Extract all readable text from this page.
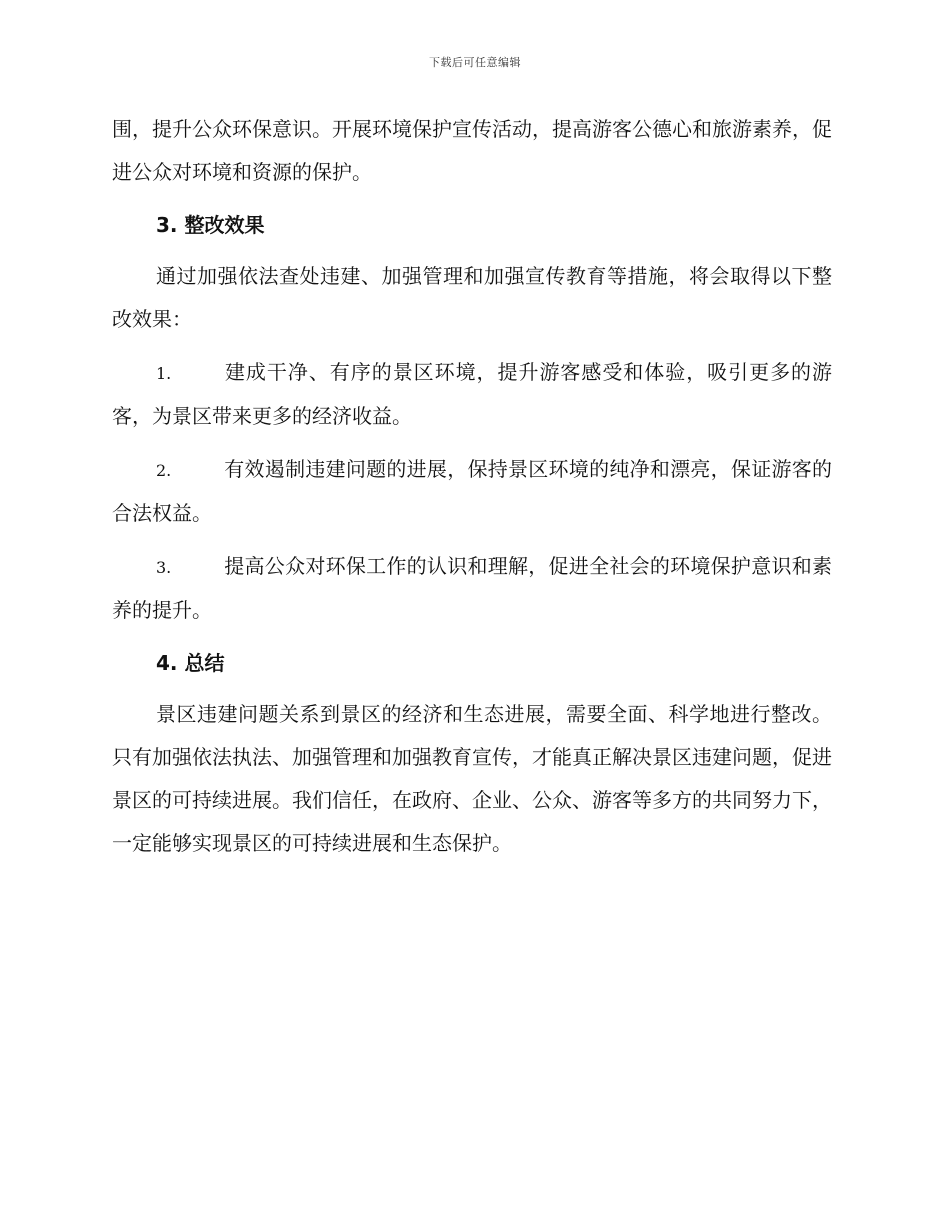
下载后可任意编辑

围，提升公众环保意识。开展环境保护宣传活动，提高游客公德心和旅游素养，促进公众对环境和资源的保护。

3. 整改效果

通过加强依法查处违建、加强管理和加强宣传教育等措施，将会取得以下整改效果：

1.	建成干净、有序的景区环境，提升游客感受和体验，吸引更多的游客，为景区带来更多的经济收益。

2.	有效遏制违建问题的进展，保持景区环境的纯净和漂亮，保证游客的合法权益。

3.	提高公众对环保工作的认识和理解，促进全社会的环境保护意识和素养的提升。

4. 总结

景区违建问题关系到景区的经济和生态进展，需要全面、科学地进行整改。只有加强依法执法、加强管理和加强教育宣传，才能真正解决景区违建问题，促进景区的可持续进展。我们信任，在政府、企业、公众、游客等多方的共同努力下，一定能够实现景区的可持续进展和生态保护。
